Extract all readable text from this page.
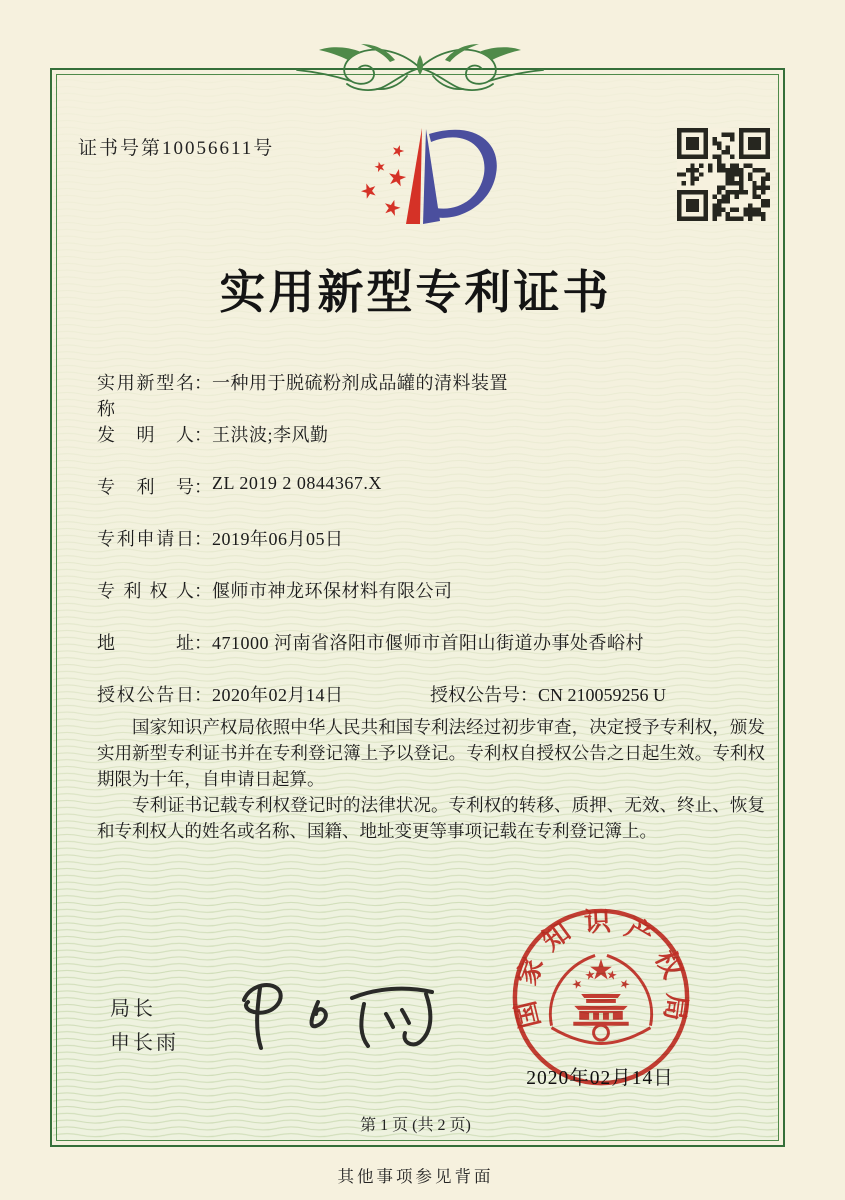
证书号第10056611号
实用新型专利证书
实用新型名称：一种用于脱硫粉剂成品罐的清料装置
发明人：王洪波;李风勤
专利号：ZL 2019 2 0844367.X
专利申请日：2019年06月05日
专利权人：偃师市神龙环保材料有限公司
地址：471000 河南省洛阳市偃师市首阳山街道办事处香峪村
授权公告日：2020年02月14日	授权公告号：CN 210059256 U

国家知识产权局依照中华人民共和国专利法经过初步审查，决定授予专利权，颁发实用新型专利证书并在专利登记簿上予以登记。专利权自授权公告之日起生效。专利权期限为十年，自申请日起算。

专利证书记载专利权登记时的法律状况。专利权的转移、质押、无效、终止、恢复和专利权人的姓名或名称、国籍、地址变更等事项记载在专利登记簿上。

国家知识产权局
2020年02月14日
局长
申长雨
第 1 页 (共 2 页)
其他事项参见背面
